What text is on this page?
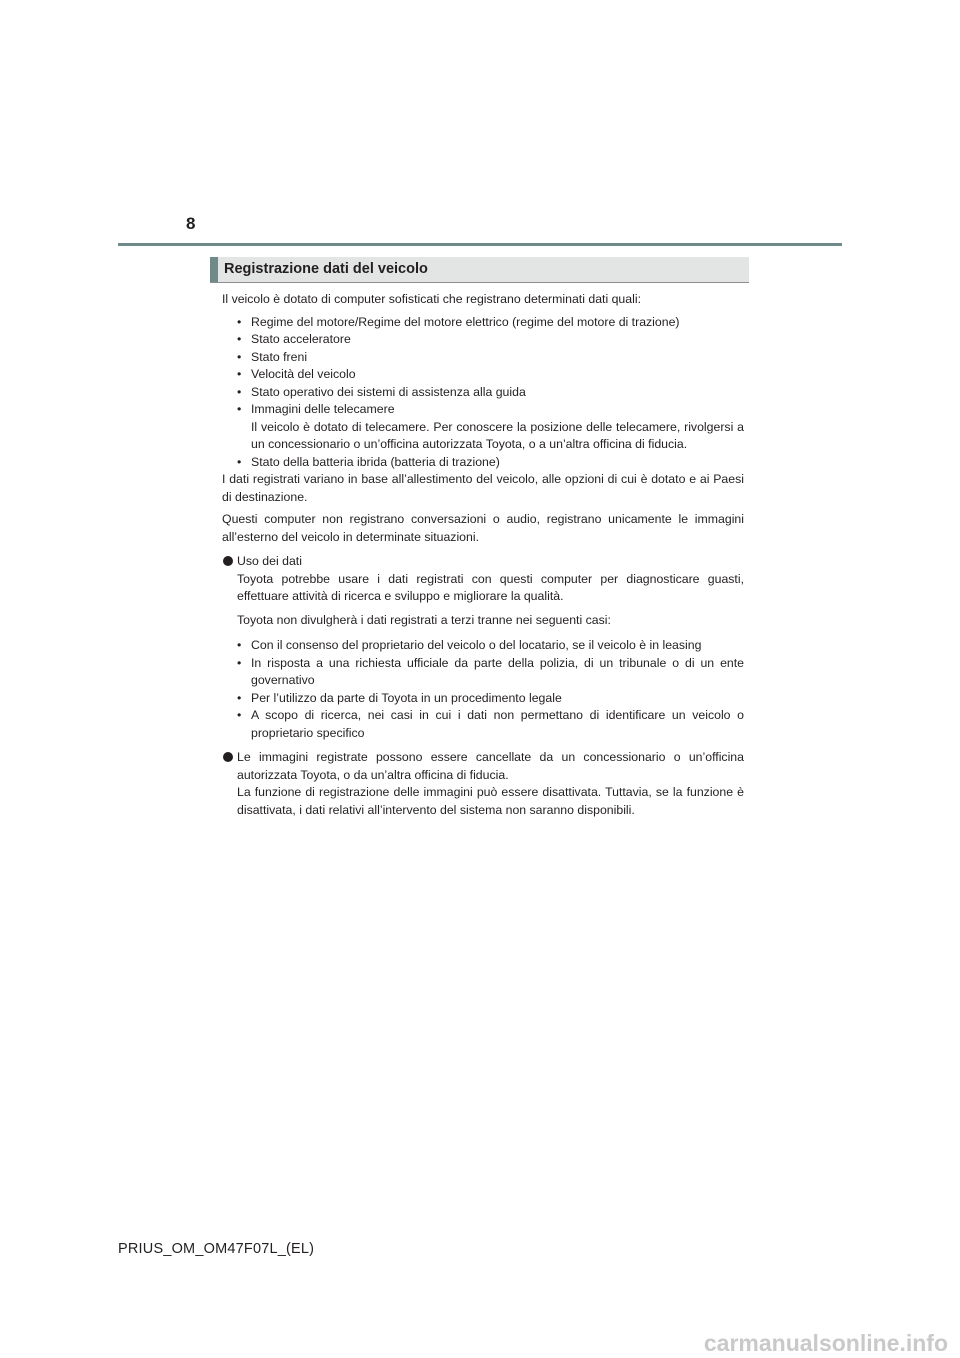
8
Registrazione dati del veicolo

Il veicolo è dotato di computer sofisticati che registrano determinati dati quali:

• Regime del motore/Regime del motore elettrico (regime del motore di trazione)
• Stato acceleratore
• Stato freni
• Velocità del veicolo
• Stato operativo dei sistemi di assistenza alla guida
• Immagini delle telecamere
Il veicolo è dotato di telecamere. Per conoscere la posizione delle telecamere, rivolgersi a un concessionario o un’officina autorizzata Toyota, o a un’altra officina di fiducia.
• Stato della batteria ibrida (batteria di trazione)

I dati registrati variano in base all’allestimento del veicolo, alle opzioni di cui è dotato e ai Paesi di destinazione.

Questi computer non registrano conversazioni o audio, registrano unicamente le immagini all’esterno del veicolo in determinate situazioni.

Uso dei dati

Toyota potrebbe usare i dati registrati con questi computer per diagnosticare guasti, effettuare attività di ricerca e sviluppo e migliorare la qualità.

Toyota non divulgherà i dati registrati a terzi tranne nei seguenti casi:

• Con il consenso del proprietario del veicolo o del locatario, se il veicolo è in leasing
• In risposta a una richiesta ufficiale da parte della polizia, di un tribunale o di un ente governativo
• Per l’utilizzo da parte di Toyota in un procedimento legale
• A scopo di ricerca, nei casi in cui i dati non permettano di identificare un veicolo o proprietario specifico

Le immagini registrate possono essere cancellate da un concessionario o un’officina autorizzata Toyota, o da un’altra officina di fiducia.

La funzione di registrazione delle immagini può essere disattivata. Tuttavia, se la funzione è disattivata, i dati relativi all’intervento del sistema non saranno disponibili.

PRIUS_OM_OM47F07L_(EL)
carmanualsonline.info
